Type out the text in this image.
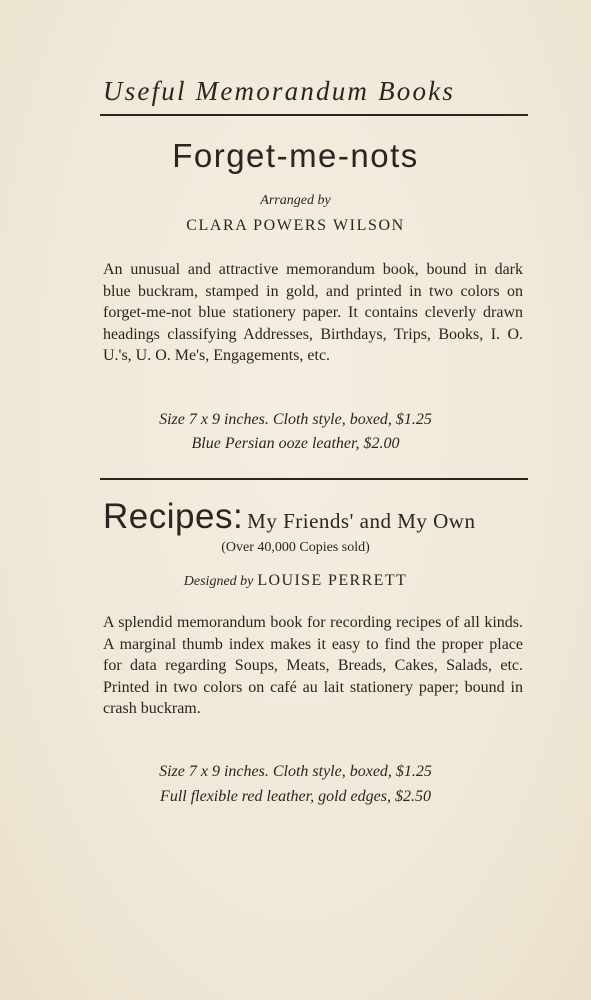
Useful Memorandum Books
Forget-me-nots
Arranged by
CLARA POWERS WILSON
An unusual and attractive memorandum book, bound in dark blue buckram, stamped in gold, and printed in two colors on forget-me-not blue stationery paper. It contains cleverly drawn headings classifying Addresses, Birthdays, Trips, Books, I. O. U.'s, U. O. Me's, Engagements, etc.
Size 7 x 9 inches. Cloth style, boxed, $1.25
Blue Persian ooze leather, $2.00
Recipes: My Friends' and My Own
(Over 40,000 Copies sold)
Designed by LOUISE PERRETT
A splendid memorandum book for recording recipes of all kinds. A marginal thumb index makes it easy to find the proper place for data regarding Soups, Meats, Breads, Cakes, Salads, etc. Printed in two colors on café au lait stationery paper; bound in crash buckram.
Size 7 x 9 inches. Cloth style, boxed, $1.25
Full flexible red leather, gold edges, $2.50
